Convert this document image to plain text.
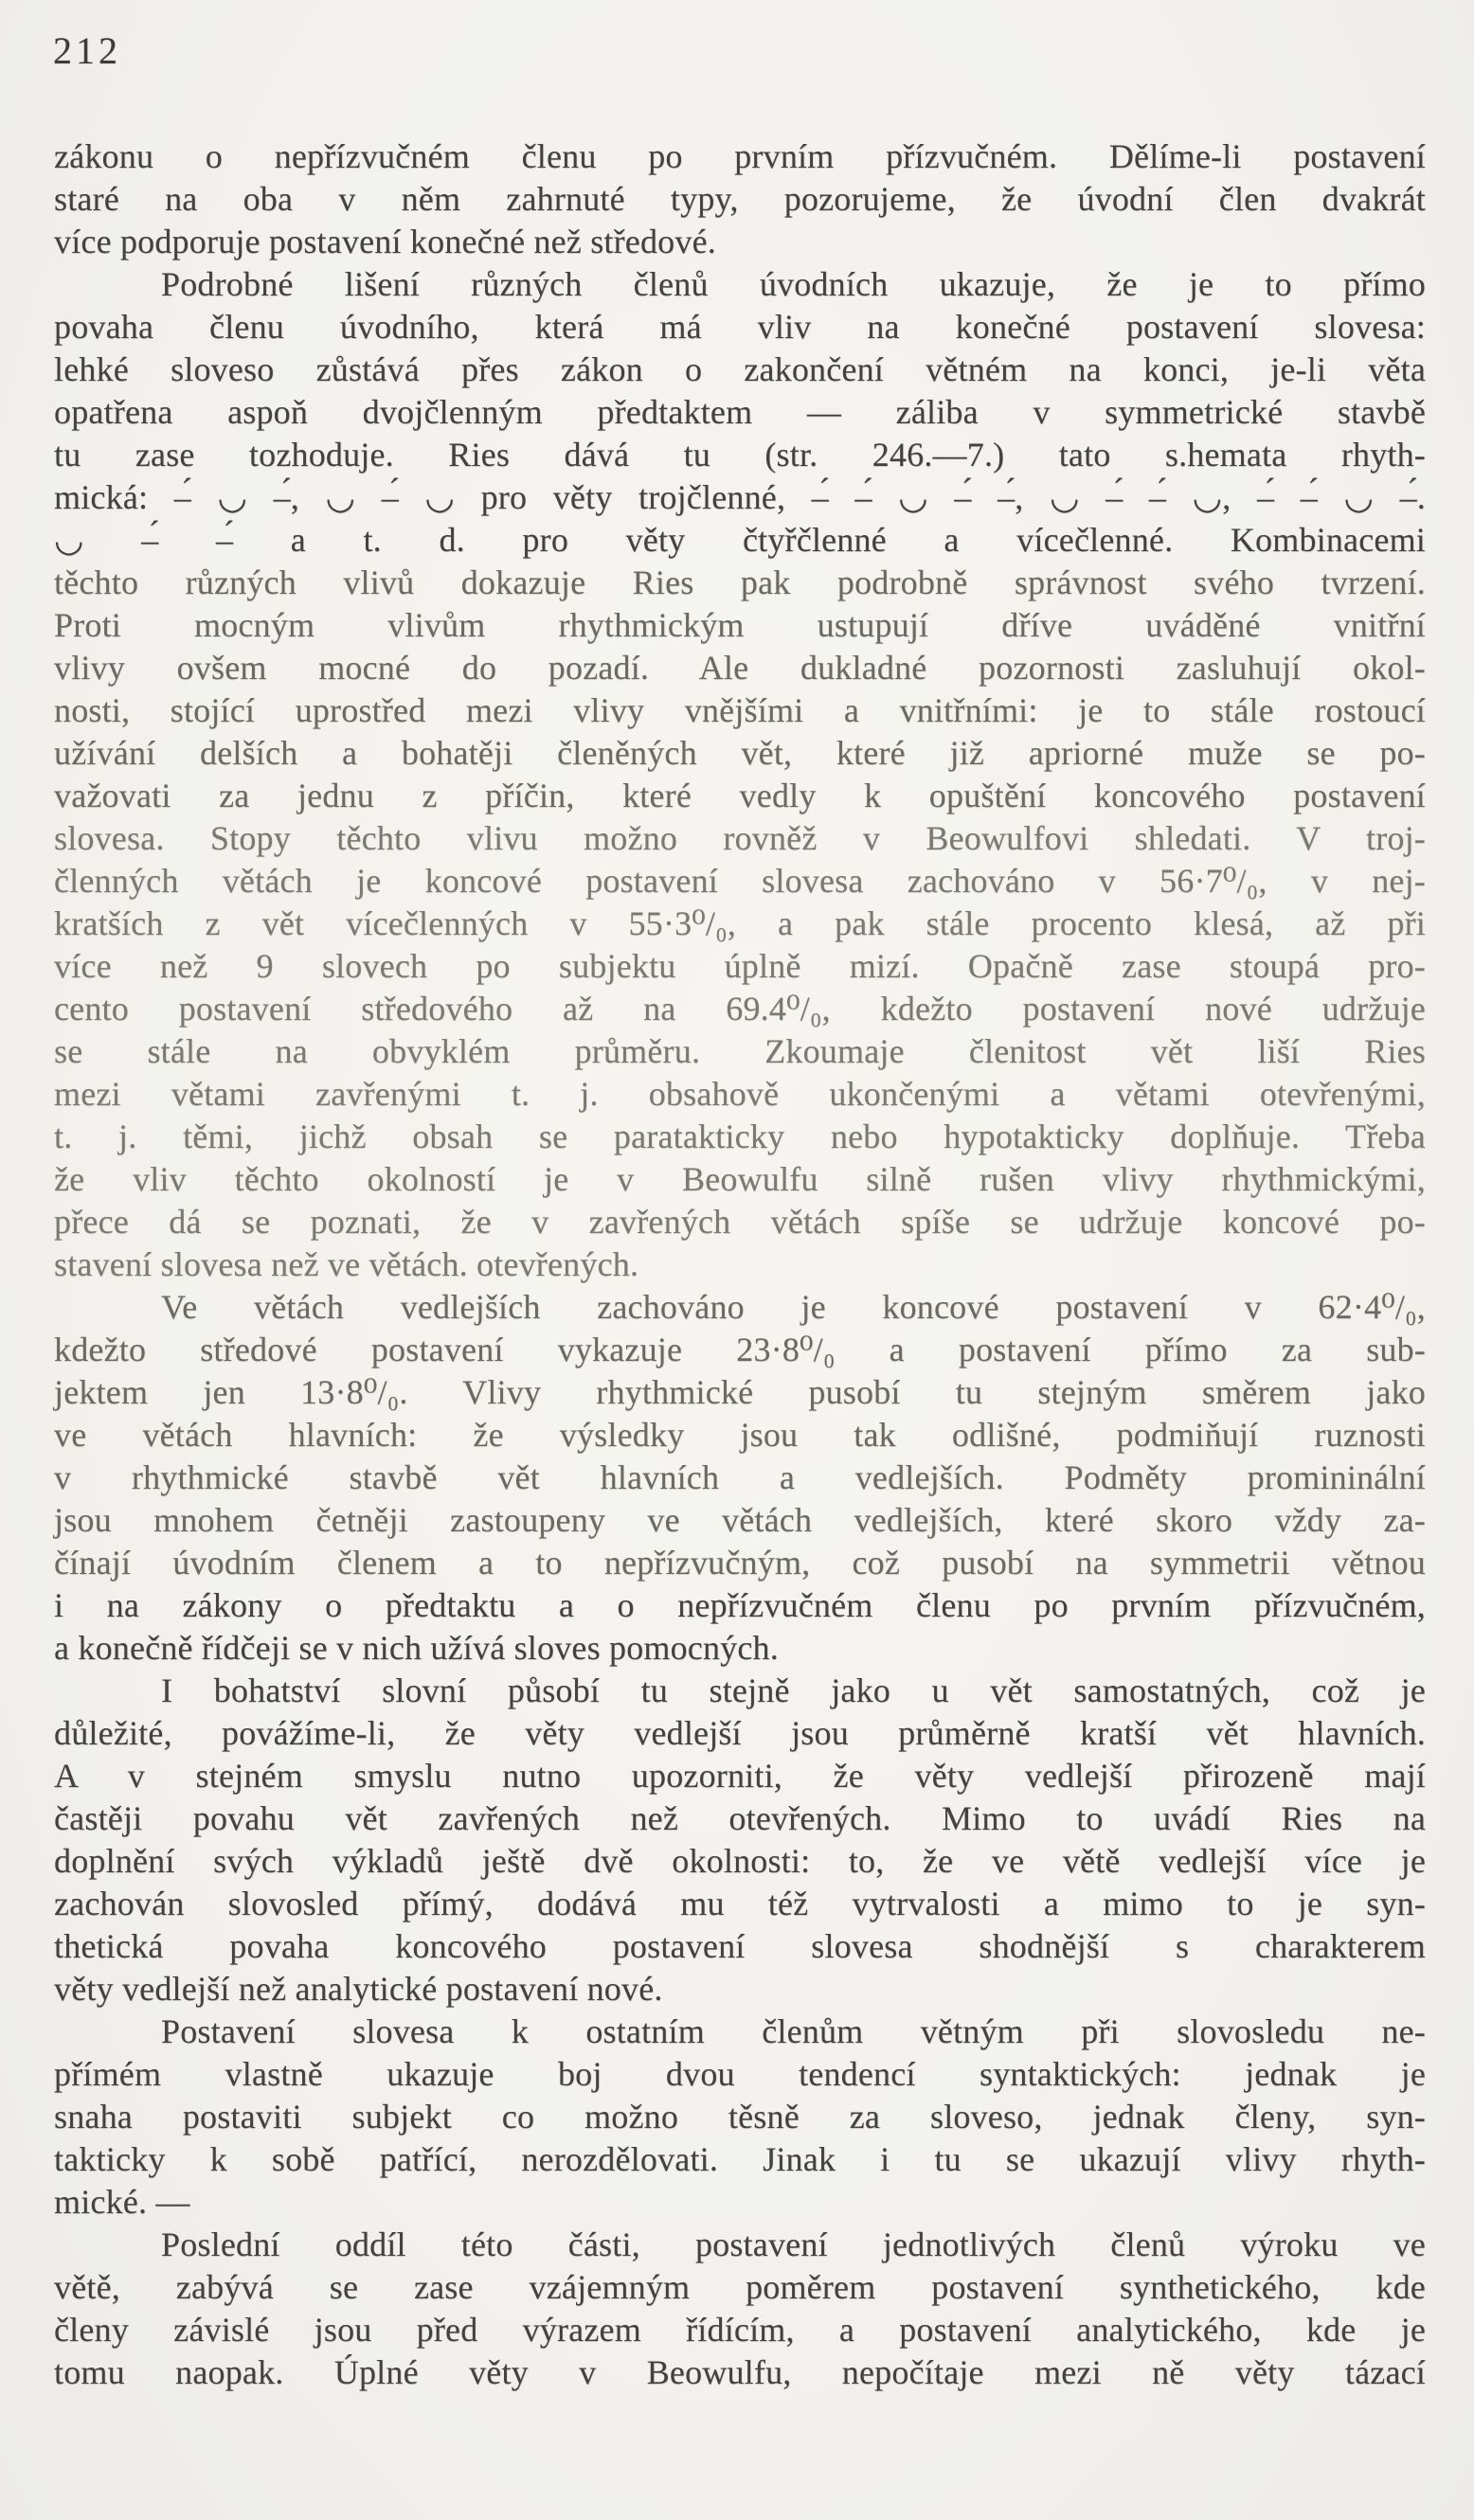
212
zákonu o nepřízvučném členu po prvním přízvučném. Dělíme-li postavení
staré na oba v něm zahrnuté typy, pozorujeme, že úvodní člen dvakrát
více podporuje postavení konečné než středové.
Podrobné lišení různých členů úvodních ukazuje, že je to přímo
povaha členu úvodního, která má vliv na konečné postavení slovesa:
lehké sloveso zůstává přes zákon o zakončení větném na konci, je-li věta
opatřena aspoň dvojčlenným předtaktem — záliba v symmetrické stavbě
tu zase tozhoduje. Ries dává tu (str. 246.—7.) tato s.hemata rhyth-
mická: –́ ◡ –́, ◡ –́ ◡ pro věty trojčlenné, –́ –́ ◡ –́ –́, ◡ –́ –́ ◡, –́ –́ ◡ –́.
◡ –́ –́ a t. d. pro věty čtyřčlenné a vícečlenné. Kombinacemi
těchto různých vlivů dokazuje Ries pak podrobně správnost svého tvrzení.
Proti mocným vlivům rhythmickým ustupují dříve uváděné vnitřní
vlivy ovšem mocné do pozadí. Ale dukladné pozornosti zasluhují okol-
nosti, stojící uprostřed mezi vlivy vnějšími a vnitřními: je to stále rostoucí
užívání delších a bohatěji členěných vět, které již apriorné muže se po-
važovati za jednu z příčin, které vedly k opuštění koncového postavení
slovesa. Stopy těchto vlivu možno rovněž v Beowulfovi shledati. V troj-
členných větách je koncové postavení slovesa zachováno v 56·7⁰/₀, v nej-
kratších z vět vícečlenných v 55·3⁰/₀, a pak stále procento klesá, až při
více než 9 slovech po subjektu úplně mizí. Opačně zase stoupá pro-
cento postavení středového až na 69.4⁰/₀, kdežto postavení nové udržuje
se stále na obvyklém průměru. Zkoumaje členitost vět liší Ries
mezi větami zavřenými t. j. obsahově ukončenými a větami otevřenými,
t. j. těmi, jichž obsah se paratakticky nebo hypotakticky doplňuje. Třeba
že vliv těchto okolností je v Beowulfu silně rušen vlivy rhythmickými,
přece dá se poznati, že v zavřených větách spíše se udržuje koncové po-
stavení slovesa než ve větách. otevřených.
Ve větách vedlejších zachováno je koncové postavení v 62·4⁰/₀,
kdežto středové postavení vykazuje 23·8⁰/₀ a postavení přímo za sub-
jektem jen 13·8⁰/₀. Vlivy rhythmické pusobí tu stejným směrem jako
ve větách hlavních: že výsledky jsou tak odlišné, podmiňují ruznosti
v rhythmické stavbě vět hlavních a vedlejších. Podměty promininální
jsou mnohem četněji zastoupeny ve větách vedlejších, které skoro vždy za-
čínají úvodním členem a to nepřízvučným, což pusobí na symmetrii větnou
i na zákony o předtaktu a o nepřízvučném členu po prvním přízvučném,
a konečně řídčeji se v nich užívá sloves pomocných.
I bohatství slovní působí tu stejně jako u vět samostatných, což je
důležité, povážíme-li, že věty vedlejší jsou průměrně kratší vět hlavních.
A v stejném smyslu nutno upozorniti, že věty vedlejší přirozeně mají
častěji povahu vět zavřených než otevřených. Mimo to uvádí Ries na
doplnění svých výkladů ještě dvě okolnosti: to, že ve větě vedlejší více je
zachován slovosled přímý, dodává mu též vytrvalosti a mimo to je syn-
thetická povaha koncového postavení slovesa shodnější s charakterem
věty vedlejší než analytické postavení nové.
Postavení slovesa k ostatním členům větným při slovosledu ne-
přímém vlastně ukazuje boj dvou tendencí syntaktických: jednak je
snaha postaviti subjekt co možno těsně za sloveso, jednak členy, syn-
takticky k sobě patřící, nerozdělovati. Jinak i tu se ukazují vlivy rhyth-
mické. —
Poslední oddíl této části, postavení jednotlivých členů výroku ve
větě, zabývá se zase vzájemným poměrem postavení synthetického, kde
členy závislé jsou před výrazem řídícím, a postavení analytického, kde je
tomu naopak. Úplné věty v Beowulfu, nepočítaje mezi ně věty tázací
